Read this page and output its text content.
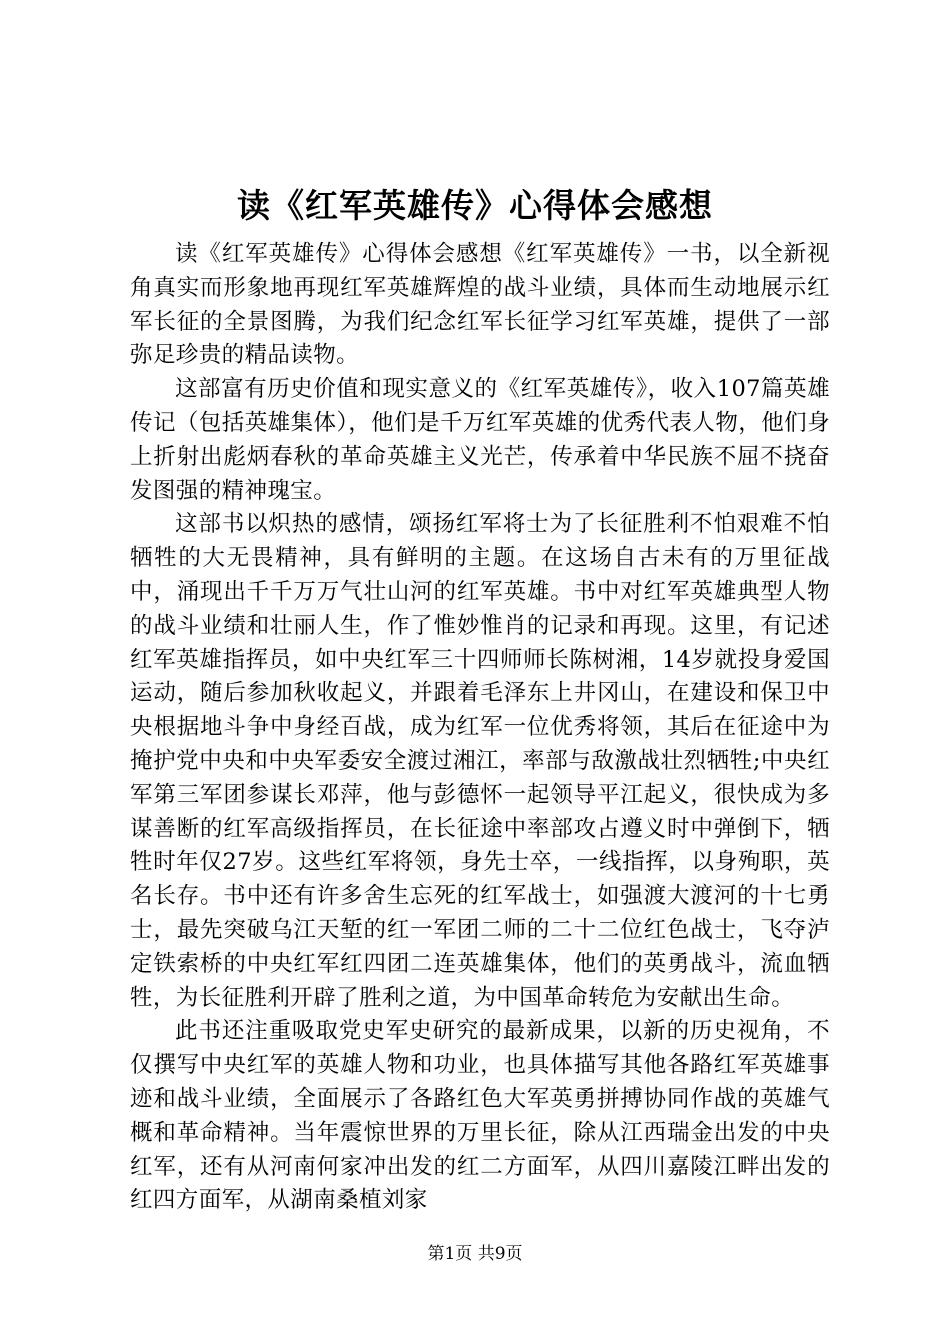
读《红军英雄传》心得体会感想

读《红军英雄传》心得体会感想《红军英雄传》一书，以全新视角真实而形象地再现红军英雄辉煌的战斗业绩，具体而生动地展示红军长征的全景图腾，为我们纪念红军长征学习红军英雄，提供了一部弥足珍贵的精品读物。

这部富有历史价值和现实意义的《红军英雄传》，收入107篇英雄传记（包括英雄集体），他们是千万红军英雄的优秀代表人物，他们身上折射出彪炳春秋的革命英雄主义光芒，传承着中华民族不屈不挠奋发图强的精神瑰宝。

这部书以炽热的感情，颂扬红军将士为了长征胜利不怕艰难不怕牺牲的大无畏精神，具有鲜明的主题。在这场自古未有的万里征战中，涌现出千千万万气壮山河的红军英雄。书中对红军英雄典型人物的战斗业绩和壮丽人生，作了惟妙惟肖的记录和再现。这里，有记述红军英雄指挥员，如中央红军三十四师师长陈树湘，14岁就投身爱国运动，随后参加秋收起义，并跟着毛泽东上井冈山，在建设和保卫中央根据地斗争中身经百战，成为红军一位优秀将领，其后在征途中为掩护党中央和中央军委安全渡过湘江，率部与敌激战壮烈牺牲;中央红军第三军团参谋长邓萍，他与彭德怀一起领导平江起义，很快成为多谋善断的红军高级指挥员，在长征途中率部攻占遵义时中弹倒下，牺牲时年仅27岁。这些红军将领，身先士卒，一线指挥，以身殉职，英名长存。书中还有许多舍生忘死的红军战士，如强渡大渡河的十七勇士，最先突破乌江天堑的红一军团二师的二十二位红色战士，飞夺泸定铁索桥的中央红军红四团二连英雄集体，他们的英勇战斗，流血牺牲，为长征胜利开辟了胜利之道，为中国革命转危为安献出生命。

此书还注重吸取党史军史研究的最新成果，以新的历史视角，不仅撰写中央红军的英雄人物和功业，也具体描写其他各路红军英雄事迹和战斗业绩，全面展示了各路红色大军英勇拼搏协同作战的英雄气概和革命精神。当年震惊世界的万里长征，除从江西瑞金出发的中央红军，还有从河南何家冲出发的红二方面军，从四川嘉陵江畔出发的红四方面军，从湖南桑植刘家

第1页 共9页
